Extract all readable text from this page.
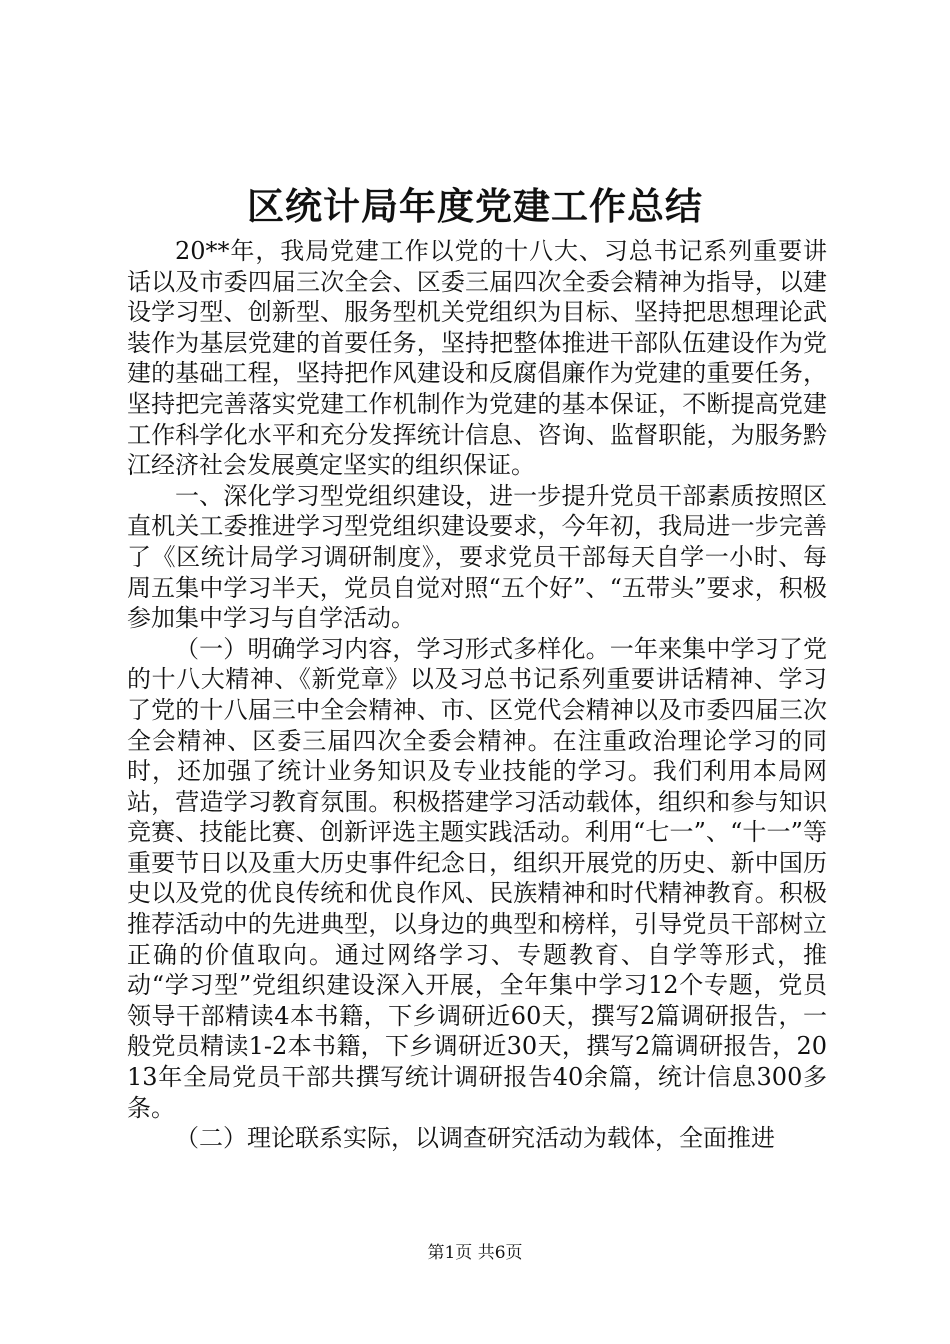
区统计局年度党建工作总结

20**年，我局党建工作以党的十八大、习总书记系列重要讲话以及市委四届三次全会、区委三届四次全委会精神为指导，以建设学习型、创新型、服务型机关党组织为目标、坚持把思想理论武装作为基层党建的首要任务，坚持把整体推进干部队伍建设作为党建的基础工程，坚持把作风建设和反腐倡廉作为党建的重要任务，坚持把完善落实党建工作机制作为党建的基本保证，不断提高党建工作科学化水平和充分发挥统计信息、咨询、监督职能，为服务黔江经济社会发展奠定坚实的组织保证。

一、深化学习型党组织建设，进一步提升党员干部素质按照区直机关工委推进学习型党组织建设要求，今年初，我局进一步完善了《区统计局学习调研制度》，要求党员干部每天自学一小时、每周五集中学习半天，党员自觉对照“五个好”、“五带头”要求，积极参加集中学习与自学活动。

（一）明确学习内容，学习形式多样化。一年来集中学习了党的十八大精神、《新党章》以及习总书记系列重要讲话精神、学习了党的十八届三中全会精神、市、区党代会精神以及市委四届三次全会精神、区委三届四次全委会精神。在注重政治理论学习的同时，还加强了统计业务知识及专业技能的学习。我们利用本局网站，营造学习教育氛围。积极搭建学习活动载体，组织和参与知识竞赛、技能比赛、创新评选主题实践活动。利用“七一”、“十一”等重要节日以及重大历史事件纪念日，组织开展党的历史、新中国历史以及党的优良传统和优良作风、民族精神和时代精神教育。积极推荐活动中的先进典型，以身边的典型和榜样，引导党员干部树立正确的价值取向。通过网络学习、专题教育、自学等形式，推动“学习型”党组织建设深入开展，全年集中学习12个专题，党员领导干部精读4本书籍，下乡调研近60天，撰写2篇调研报告，一般党员精读1-2本书籍，下乡调研近30天，撰写2篇调研报告，2013年全局党员干部共撰写统计调研报告40余篇，统计信息300多条。

（二）理论联系实际，以调查研究活动为载体，全面推进

第1页 共6页
